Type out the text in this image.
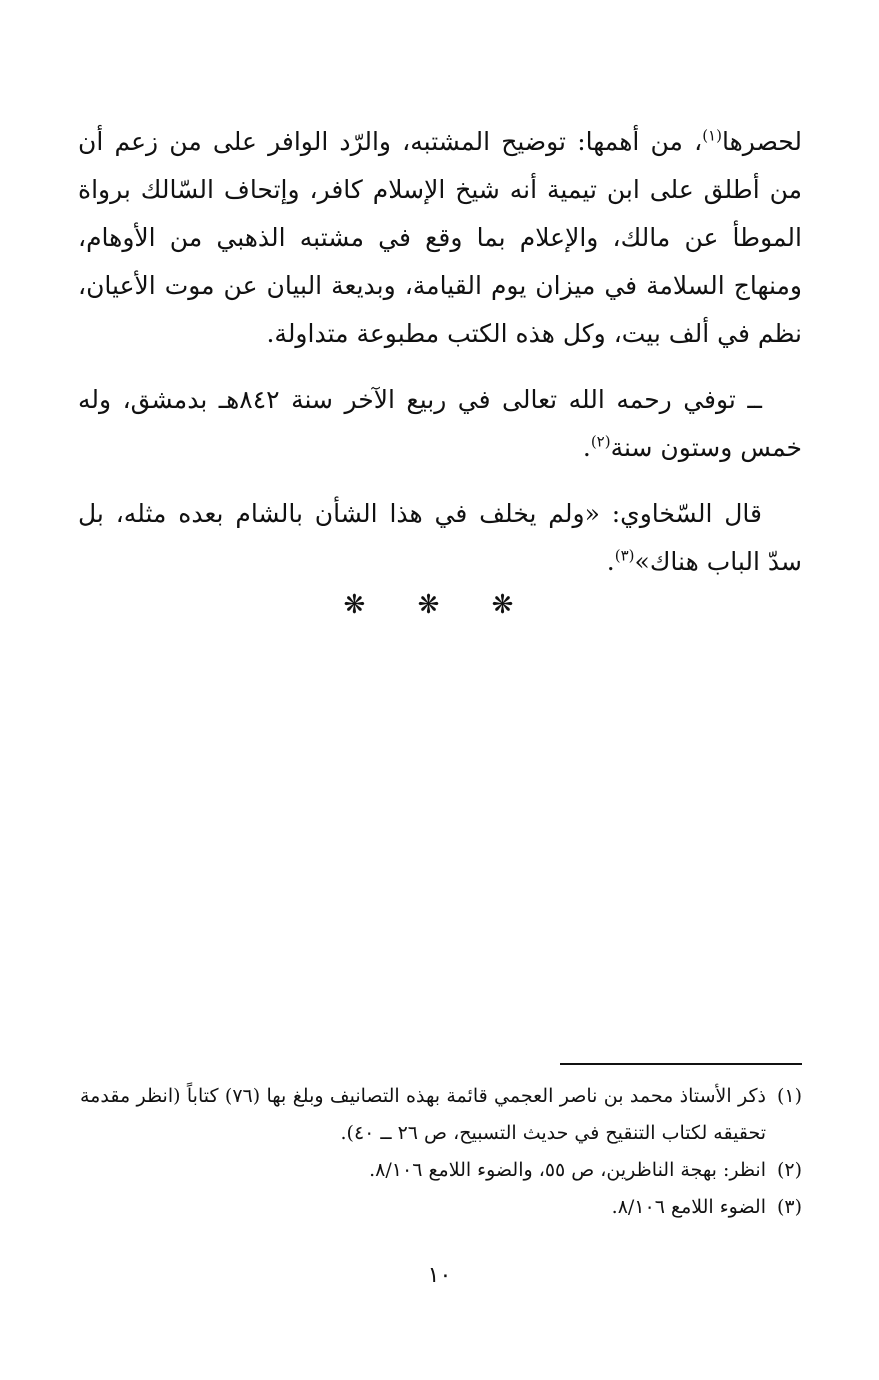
لحصرها$^{(١)}$، من أهمها: توضيح المشتبه، والرّد الوافر على من زعم أن من أطلق على ابن تيمية أنه شيخ الإسلام كافر، وإتحاف السّالك برواة الموطأ عن مالك، والإعلام بما وقع في مشتبه الذهبي من الأوهام، ومنهاج السلامة في ميزان يوم القيامة، وبديعة البيان عن موت الأعيان، نظم في ألف بيت، وكل هذه الكتب مطبوعة متداولة.

ــ توفي رحمه الله تعالى في ربيع الآخر سنة ٨٤٢هـ بدمشق، وله خمس وستون سنة$^{(٢)}$.

قال السّخاوي: «ولم يخلف في هذا الشأن بالشام بعده مثله، بل سدّ الباب هناك»$^{(٣)}$.

❋ ❋ ❋
(١)
ذكر الأستاذ محمد بن ناصر العجمي قائمة بهذه التصانيف وبلغ بها (٧٦) كتاباً (انظر مقدمة تحقيقه لكتاب التنقيح في حديث التسبيح، ص ٢٦ ــ ٤٠).
(٢)
انظر: بهجة الناظرين، ص ٥٥، والضوء اللامع ٨/١٠٦.
(٣)
الضوء اللامع ٨/١٠٦.
١٠
